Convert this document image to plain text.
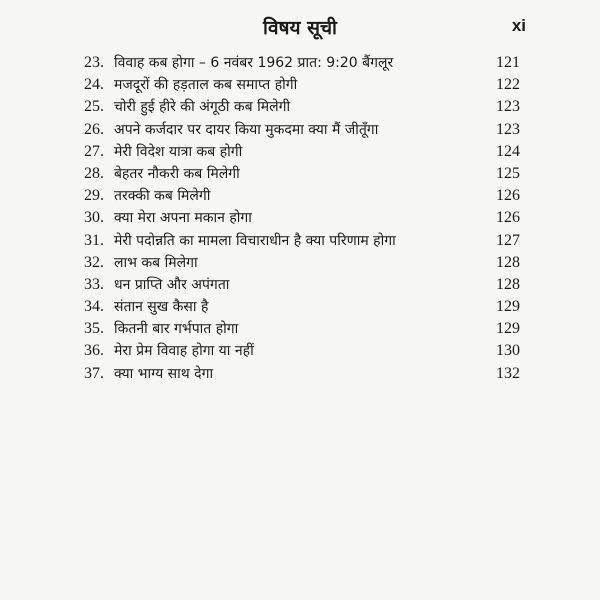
विषय सूची	xi
23. विवाह कब होगा – 6 नवंबर 1962 प्रात: 9:20 बैंगलूर	121
24. मजदूरों की हड़ताल कब समाप्त होगी	122
25. चोरी हुई हीरे की अंगूठी कब मिलेगी	123
26. अपने कर्जदार पर दायर किया मुकदमा क्या मैं जीतूँगा	123
27. मेरी विदेश यात्रा कब होगी	124
28. बेहतर नौकरी कब मिलेगी	125
29. तरक्की कब मिलेगी	126
30. क्या मेरा अपना मकान होगा	126
31. मेरी पदोन्नति का मामला विचाराधीन है क्या परिणाम होगा	127
32. लाभ कब मिलेगा	128
33. धन प्राप्ति और अपंगता	128
34. संतान सुख कैसा है	129
35. कितनी बार गर्भपात होगा	129
36. मेरा प्रेम विवाह होगा या नहीं	130
37. क्या भाग्य साथ देगा	132
